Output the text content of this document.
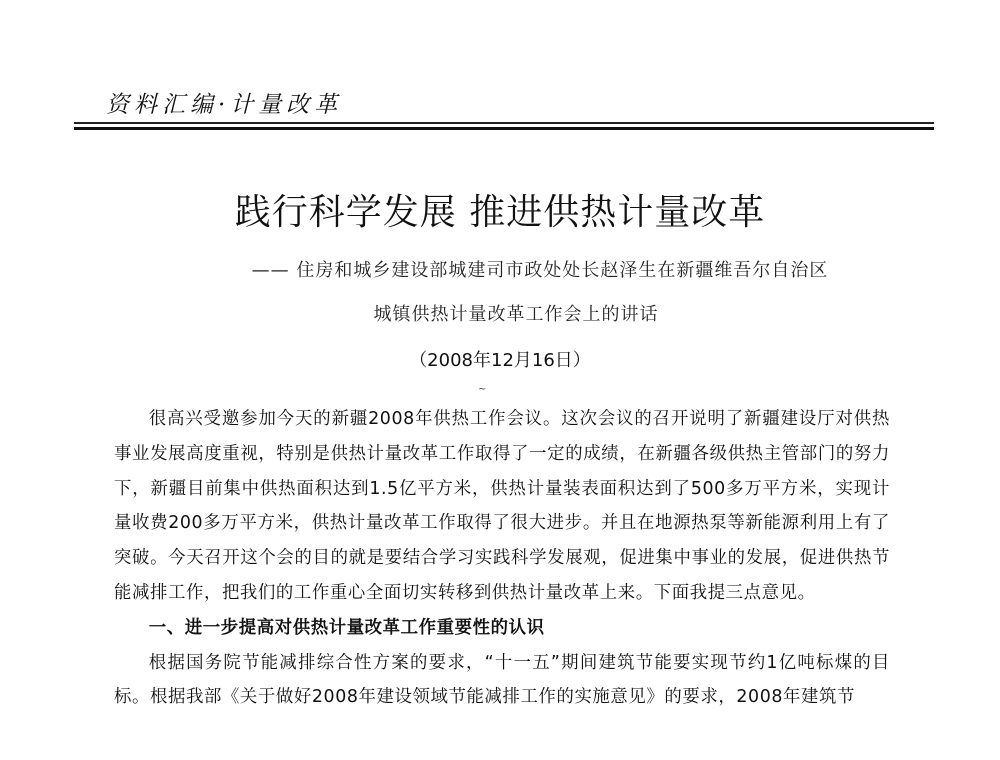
资料汇编·计量改革
践行科学发展 推进供热计量改革
—— 住房和城乡建设部城建司市政处处长赵泽生在新疆维吾尔自治区
城镇供热计量改革工作会上的讲话
（2008年12月16日）
~

很高兴受邀参加今天的新疆2008年供热工作会议。这次会议的召开说明了新疆建设厅对供热事业发展高度重视，特别是供热计量改革工作取得了一定的成绩，在新疆各级供热主管部门的努力下，新疆目前集中供热面积达到1.5亿平方米，供热计量装表面积达到了500多万平方米，实现计量收费200多万平方米，供热计量改革工作取得了很大进步。并且在地源热泵等新能源利用上有了突破。今天召开这个会的目的就是要结合学习实践科学发展观，促进集中事业的发展，促进供热节能减排工作，把我们的工作重心全面切实转移到供热计量改革上来。下面我提三点意见。

一、进一步提高对供热计量改革工作重要性的认识

根据国务院节能减排综合性方案的要求，“十一五”期间建筑节能要实现节约1亿吨标煤的目标。根据我部《关于做好2008年建设领域节能减排工作的实施意见》的要求，2008年建筑节
